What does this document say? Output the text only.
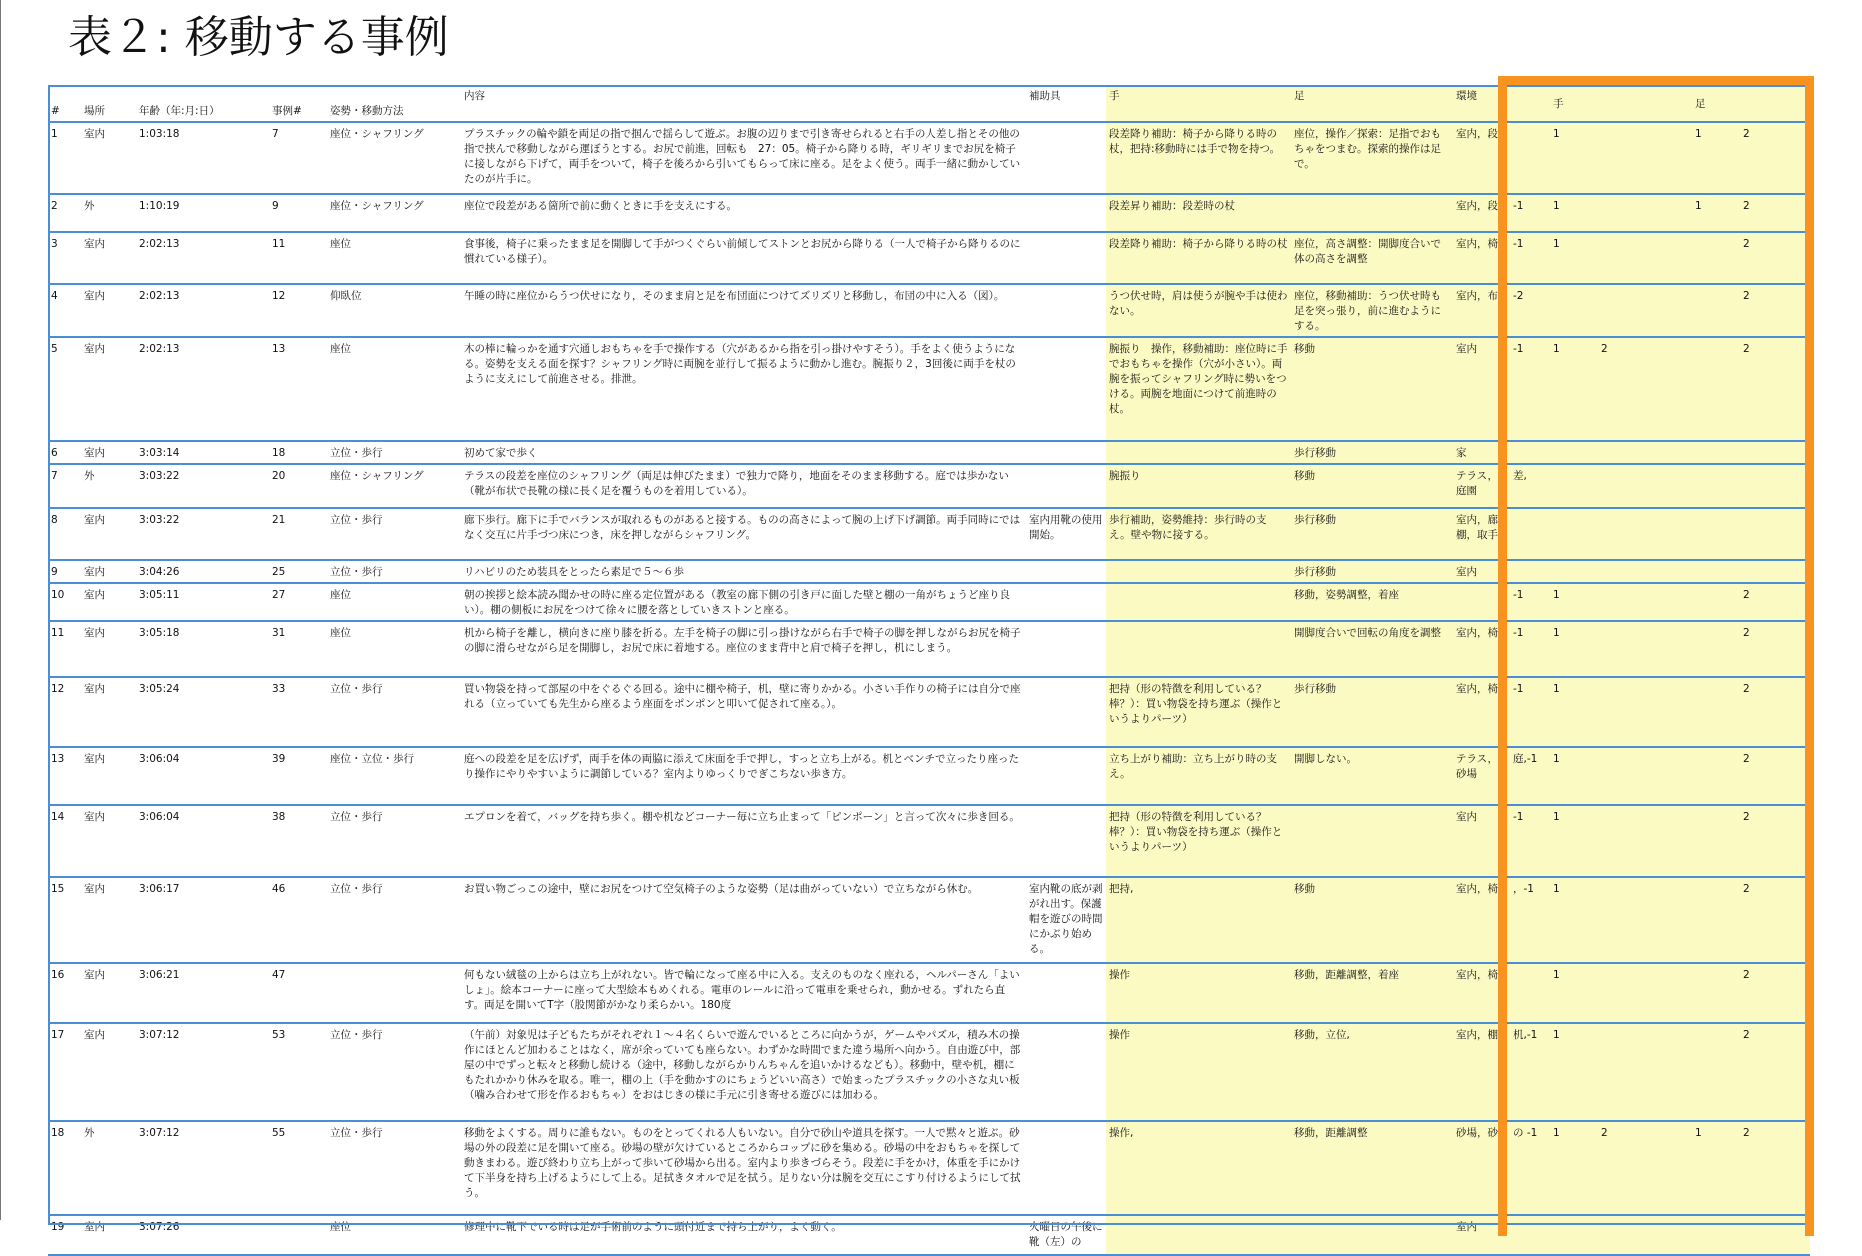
表２: 移動する事例
#	場所	年齢（年:月:日）	事例#	姿勢・移動方法	内容	補助具	手	足	環境		手		足	
1	室内	1:03:18	7	座位・シャフリング	プラスチックの輪や鎖を両足の指で掴んで揺らして遊ぶ。お腹の辺りまで引き寄せられると右手の人差し指とその他の指で挟んで移動しながら運ぼうとする。お尻で前進，回転も　27：05。椅子から降りる時，ギリギリまでお尻を椅子に接しながら下げて，両手をついて，椅子を後ろから引いてもらって床に座る。足をよく使う。両手一緒に動かしていたのが片手に。		段差降り補助：椅子から降りる時の杖，把持:移動時には手で物を持つ。	座位，操作／探索：足指でおもちゃをつまむ。探索的操作は足で。	室内，段		1		1	2
2	外	1:10:19	9	座位・シャフリング	座位で段差がある箇所で前に動くときに手を支えにする。		段差昇り補助：段差時の杖		室内，段	-1	1		1	2
3	室内	2:02:13	11	座位	食事後，椅子に乗ったまま足を開脚して手がつくぐらい前傾してストンとお尻から降りる（一人で椅子から降りるのに慣れている様子）。		段差降り補助：椅子から降りる時の杖	座位，高さ調整：開脚度合いで体の高さを調整	室内，椅	-1	1			2
4	室内	2:02:13	12	仰臥位	午睡の時に座位からうつ伏せになり，そのまま肩と足を布団面につけてズリズリと移動し，布団の中に入る（図）。		うつ伏せ時，肩は使うが腕や手は使わない。	座位，移動補助：うつ伏せ時も足を突っ張り，前に進むようにする。	室内，布	-2				2
5	室内	2:02:13	13	座位	木の棒に輪っかを通す穴通しおもちゃを手で操作する（穴があるから指を引っ掛けやすそう）。手をよく使うようになる。姿勢を支える面を探す？シャフリング時に両腕を並行して振るように動かし進む。腕振り２，3回後に両手を杖のように支えにして前進させる。排泄。		腕振り　操作，移動補助：座位時に手でおもちゃを操作（穴が小さい）。両腕を振ってシャフリング時に勢いをつける。両腕を地面につけて前進時の杖。	移動	室内	-1	1	2		2
6	室内	3:03:14	18	立位・歩行	初めて家で歩く			歩行移動	家					
7	外	3:03:22	20	座位・シャフリング	テラスの段差を座位のシャフリング（両足は伸びたまま）で独力で降り，地面をそのまま移動する。庭では歩かない（靴が布状で長靴の様に長く足を覆うものを着用している）。		腕振り	移動	テラス，庭園	差,				
8	室内	3:03:22	21	立位・歩行	廊下歩行。廊下に手でバランスが取れるものがあると接する。ものの高さによって腕の上げ下げ調節。両手同時にではなく交互に片手づつ床につき，床を押しながらシャフリング。	室内用靴の使用開始。	歩行補助，姿勢維持：歩行時の支え。壁や物に接する。	歩行移動	室内，廊棚，取手					
9	室内	3:04:26	25	立位・歩行	リハビリのため装具をとったら素足で５～６歩			歩行移動	室内					
10	室内	3:05:11	27	座位	朝の挨拶と絵本読み聞かせの時に座る定位置がある（教室の廊下側の引き戸に面した壁と棚の一角がちょうど座り良い）。棚の側板にお尻をつけて徐々に腰を落としていきストンと座る。			移動，姿勢調整，着座		-1	1			2
11	室内	3:05:18	31	座位	机から椅子を離し，横向きに座り膝を折る。左手を椅子の脚に引っ掛けながら右手で椅子の脚を押しながらお尻を椅子の脚に滑らせながら足を開脚し，お尻で床に着地する。座位のまま背中と肩で椅子を押し，机にしまう。			開脚度合いで回転の角度を調整	室内，椅	-1	1			2
12	室内	3:05:24	33	立位・歩行	買い物袋を持って部屋の中をぐるぐる回る。途中に棚や椅子，机，壁に寄りかかる。小さい手作りの椅子には自分で座れる（立っていても先生から座るよう座面をポンポンと叩いて促されて座る。）。		把持（形の特徴を利用している？棒？）：買い物袋を持ち運ぶ（操作というよりパーツ）	歩行移動	室内，椅	-1	1			2
13	室内	3:06:04	39	座位・立位・歩行	庭への段差を足を広げず，両手を体の両脇に添えて床面を手で押し，すっと立ち上がる。机とベンチで立ったり座ったり操作にやりやすいように調節している？室内よりゆっくりでぎこちない歩き方。		立ち上がり補助：立ち上がり時の支え。	開脚しない。	テラス，砂場	庭,-1	1			2
14	室内	3:06:04	38	立位・歩行	エプロンを着て，バッグを持ち歩く。棚や机などコーナー毎に立ち止まって「ピンポーン」と言って次々に歩き回る。		把持（形の特徴を利用している？棒？）：買い物袋を持ち運ぶ（操作というよりパーツ）		室内	-1	1			2
15	室内	3:06:17	46	立位・歩行	お買い物ごっこの途中，壁にお尻をつけて空気椅子のような姿勢（足は曲がっていない）で立ちながら休む。	室内靴の底が剥がれ出す。保護帽を遊びの時間にかぶり始める。	把持,	移動	室内，椅	，-1	1			2
16	室内	3:06:21	47		何もない絨毯の上からは立ち上がれない。皆で輪になって座る中に入る。支えのものなく座れる，ヘルパーさん「よいしょ」。絵本コーナーに座って大型絵本もめくれる。電車のレールに沿って電車を乗せられ，動かせる。ずれたら直す。両足を開いてT字（股関節がかなり柔らかい。180度		操作	移動，距離調整，着座	室内，椅		1			2
17	室内	3:07:12	53	立位・歩行	（午前）対象児は子どもたちがそれぞれ１～４名くらいで遊んでいるところに向かうが，ゲームやパズル，積み木の操作にほとんど加わることはなく，席が余っていても座らない。わずかな時間でまた違う場所へ向かう。自由遊び中，部屋の中でずっと転々と移動し続ける（途中，移動しながらかりんちゃんを追いかけるなども）。移動中，壁や机，棚にもたれかかり休みを取る。唯一，棚の上（手を動かすのにちょうどいい高さ）で始まったプラスチックの小さな丸い板（噛み合わせて形を作るおもちゃ）をおはじきの様に手元に引き寄せる遊びには加わる。		操作	移動，立位,	室内，棚	机,-1	1			2
18	外	3:07:12	55	立位・歩行	移動をよくする。周りに誰もない。ものをとってくれる人もいない。自分で砂山や道具を探す。一人で黙々と遊ぶ。砂場の外の段差に足を開いて座る。砂場の壁が欠けているところからコップに砂を集める。砂場の中をおもちゃを探して動きまわる。遊び終わり立ち上がって歩いて砂場から出る。室内より歩きづらそう。段差に手をかけ，体重を手にかけて下半身を持ち上げるようにして上る。足拭きタオルで足を拭う。足りない分は腕を交互にこすり付けるようにして拭う。		操作,	移動，距離調整	砂場，砂	の -1	1	2	1	2
19	室内	3:07:26		座位	修理中に靴下でいる時は足が手術前のように頭付近まで持ち上がり，よく動く。	火曜日の午後に靴（左）の			室内					
